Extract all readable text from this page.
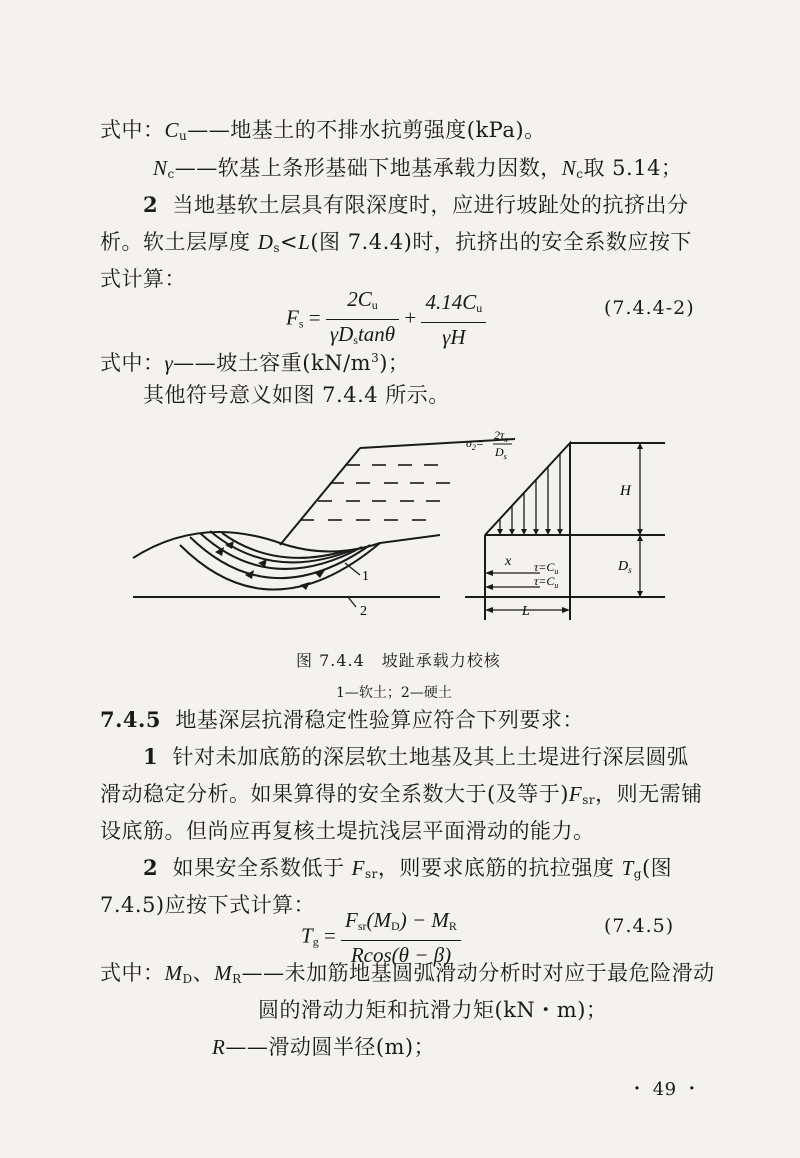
式中：$C_u——$地基土的不排水抗剪强度(kPa)。
$N_c——$软基上条形基础下地基承载力因数，$N_c$取 5.14；
2 当地基软土层具有限深度时，应进行坡趾处的抗挤出分
析。软土层厚度 $D_s<L$(图 7.4.4)时，抗挤出的安全系数应按下
式计算：
$F_s = \frac{2C_u}{\gamma D_s\tan\theta} + \frac{4.14C_u}{\gamma H}$	(7.4.4-2)
式中：γ——坡土容重$(kN/m^3)$；
其他符号意义如图 7.4.4 所示。
1
2
$\sigma_2=$
$2\tau_x$
$D_s$
H
$D_s$
x $\tau=C_u$
$\tau=C_u$
L
图 7.4.4　坡趾承载力校核
1—软土；2—硬土
7.4.5 地基深层抗滑稳定性验算应符合下列要求：
1 针对未加底筋的深层软土地基及其上土堤进行深层圆弧
滑动稳定分析。如果算得的安全系数大于(及等于)$F_{sr}$，则无需铺
设底筋。但尚应再复核土堤抗浅层平面滑动的能力。
2 如果安全系数低于 $F_{sr}$，则要求底筋的抗拉强度 $T_g$(图
7.4.5)应按下式计算：
$T_g = \frac{F_{sr}(M_D) - M_R}{Rcos(\theta - \beta)}$	(7.4.5)
式中：$M_D$、$M_R——$未加筋地基圆弧滑动分析时对应于最危险滑动
圆的滑动力矩和抗滑力矩(kN・m)；
R——滑动圆半径(m)；
・ 49 ・
